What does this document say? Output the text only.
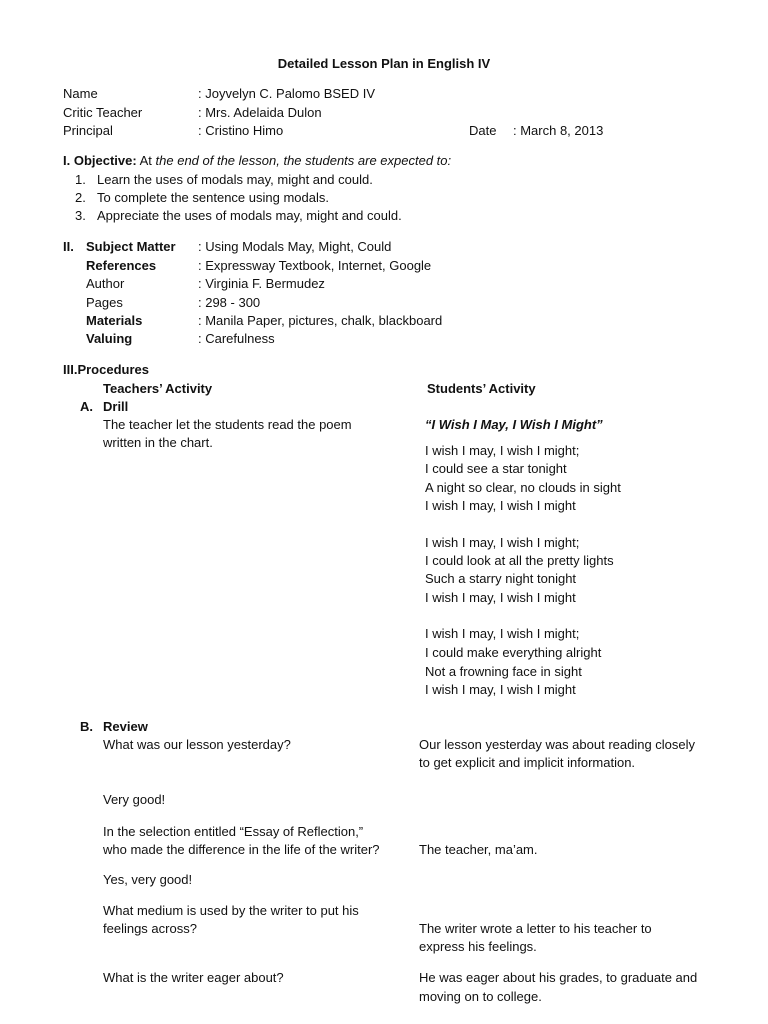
Detailed Lesson Plan in English IV
Name	: Joyvelyn C. Palomo BSED IV
Critic Teacher	: Mrs. Adelaida Dulon
Principal	: Cristino Himo	Date : March 8, 2013
I. Objective: At the end of the lesson, the students are expected to:
1. Learn the uses of modals may, might and could.
2. To complete the sentence using modals.
3. Appreciate the uses of modals may, might and could.
II. Subject Matter : Using Modals May, Might, Could
References	: Expressway Textbook, Internet, Google
Author	: Virginia F. Bermudez
Pages	: 298 - 300
Materials	: Manila Paper, pictures, chalk, blackboard
Valuing	: Carefulness
III.Procedures
Teachers’ Activity	Students’ Activity
A. Drill
The teacher let the students read the poem
written in the chart.
“I Wish I May, I Wish I Might”
I wish I may, I wish I might;
I could see a star tonight
A night so clear, no clouds in sight
I wish I may, I wish I might
I wish I may, I wish I might;
I could look at all the pretty lights
Such a starry night tonight
I wish I may, I wish I might
I wish I may, I wish I might;
I could make everything alright
Not a frowning face in sight
I wish I may, I wish I might
B. Review
What was our lesson yesterday?	Our lesson yesterday was about reading closely
to get explicit and implicit information.
Very good!
In the selection entitled “Essay of Reflection,”
who made the difference in the life of the writer?	The teacher, ma’am.
Yes, very good!
What medium is used by the writer to put his
feelings across?	The writer wrote a letter to his teacher to
express his feelings.
What is the writer eager about?	He was eager about his grades, to graduate and
moving on to college.
